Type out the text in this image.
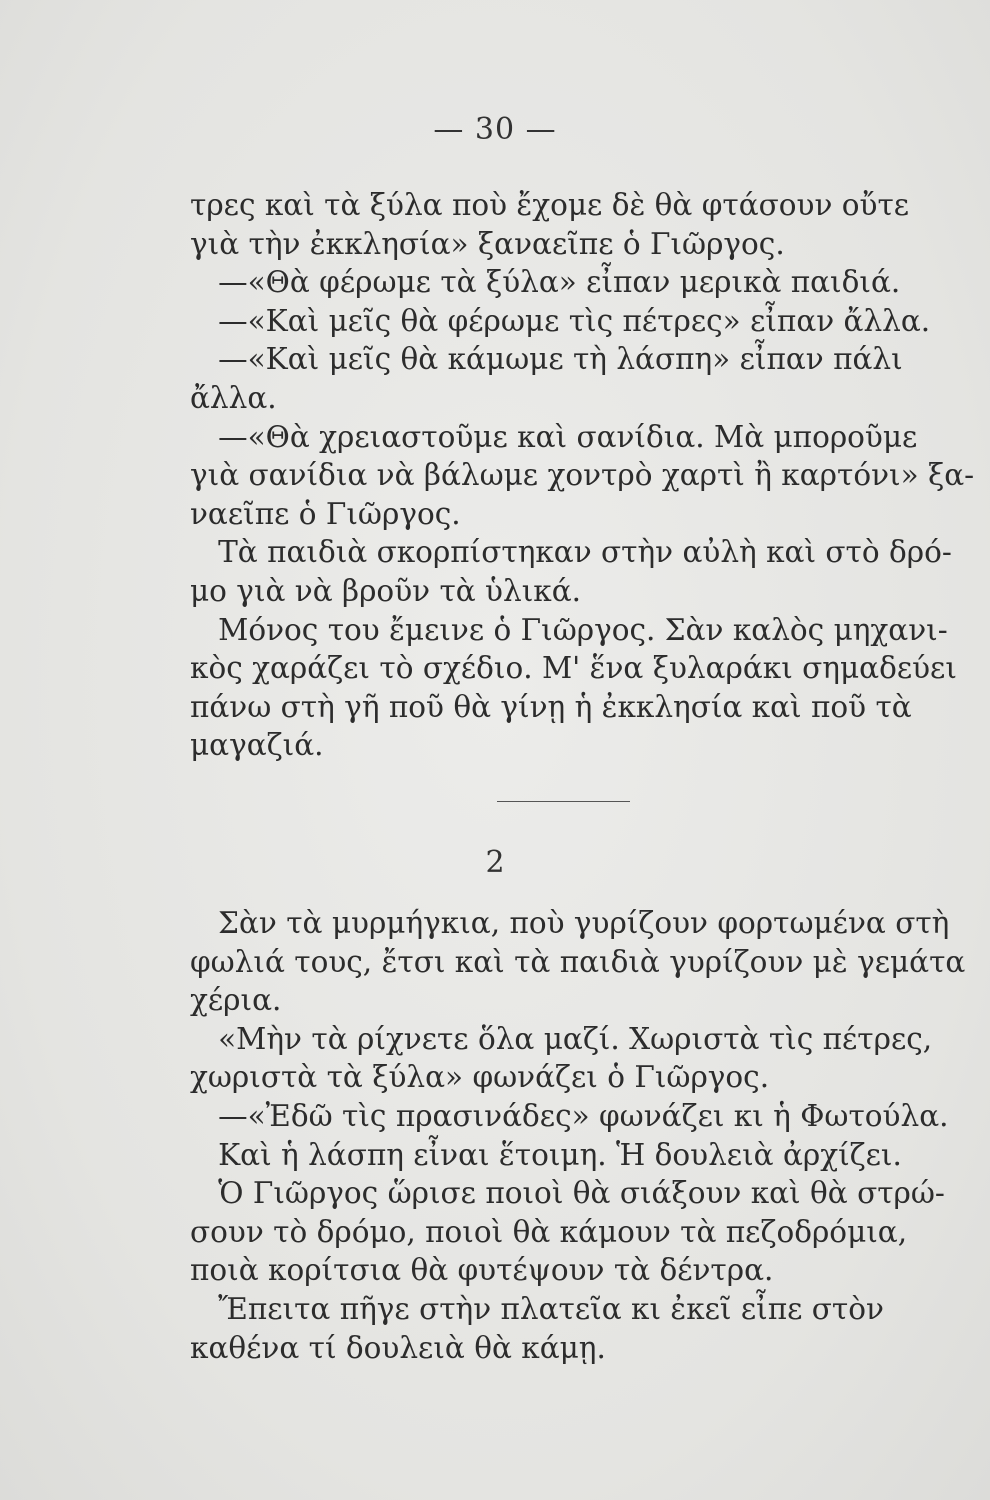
— 30 —
τρες καὶ τὰ ξύλα ποὺ ἔχομε δὲ θὰ φτάσουν οὔτε
γιὰ τὴν ἐκκλησία» ξαναεῖπε ὁ Γιῶργος.
—«Θὰ φέρωμε τὰ ξύλα» εἶπαν μερικὰ παιδιά.
—«Καὶ μεῖς θὰ φέρωμε τὶς πέτρες» εἶπαν ἄλλα.
—«Καὶ μεῖς θὰ κάμωμε τὴ λάσπη» εἶπαν πάλι
ἄλλα.
—«Θὰ χρειαστοῦμε καὶ σανίδια. Μὰ μποροῦμε
γιὰ σανίδια νὰ βάλωμε χοντρὸ χαρτὶ ἢ καρτόνι» ξα-
ναεῖπε ὁ Γιῶργος.
Τὰ παιδιὰ σκορπίστηκαν στὴν αὐλὴ καὶ στὸ δρό-
μο γιὰ νὰ βροῦν τὰ ὑλικά.
Μόνος του ἔμεινε ὁ Γιῶργος. Σὰν καλὸς μηχανι-
κὸς χαράζει τὸ σχέδιο. Μ' ἕνα ξυλαράκι σημαδεύει
πάνω στὴ γῆ ποῦ θὰ γίνῃ ἡ ἐκκλησία καὶ ποῦ τὰ
μαγαζιά.
2
Σὰν τὰ μυρμήγκια, ποὺ γυρίζουν φορτωμένα στὴ
φωλιά τους, ἔτσι καὶ τὰ παιδιὰ γυρίζουν μὲ γεμάτα
χέρια.
«Μὴν τὰ ρίχνετε ὅλα μαζί. Χωριστὰ τὶς πέτρες,
χωριστὰ τὰ ξύλα» φωνάζει ὁ Γιῶργος.
—«Ἐδῶ τὶς πρασινάδες» φωνάζει κι ἡ Φωτούλα.
Καὶ ἡ λάσπη εἶναι ἕτοιμη. Ἡ δουλειὰ ἀρχίζει.
Ὁ Γιῶργος ὥρισε ποιοὶ θὰ σιάξουν καὶ θὰ στρώ-
σουν τὸ δρόμο, ποιοὶ θὰ κάμουν τὰ πεζοδρόμια,
ποιὰ κορίτσια θὰ φυτέψουν τὰ δέντρα.
Ἔπειτα πῆγε στὴν πλατεῖα κι ἐκεῖ εἶπε στὸν
καθένα τί δουλειὰ θὰ κάμῃ.
